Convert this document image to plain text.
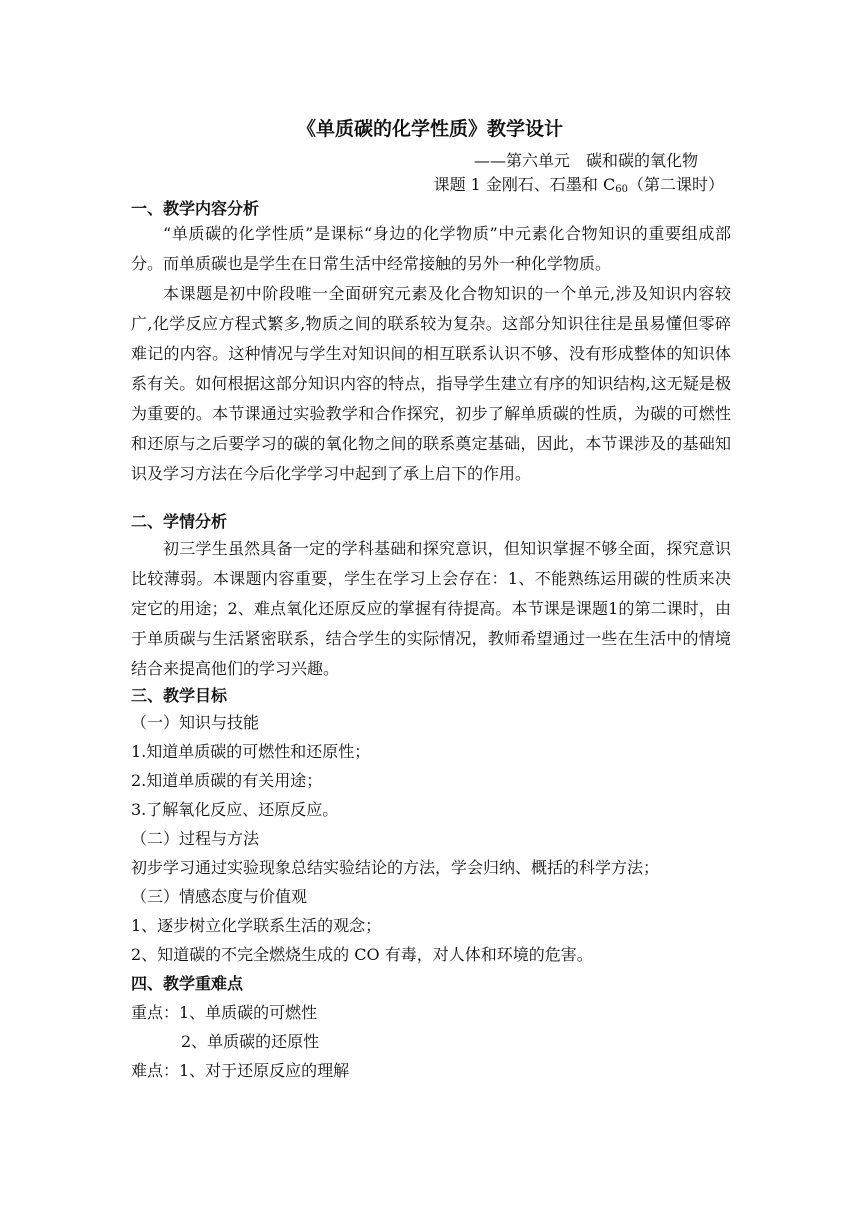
《单质碳的化学性质》教学设计
——第六单元　碳和碳的氧化物
课题 1 金刚石、石墨和 $C_{60}$（第二课时）
一、教学内容分析
“单质碳的化学性质”是课标“身边的化学物质”中元素化合物知识的重要组成部分。而单质碳也是学生在日常生活中经常接触的另外一种化学物质。
本课题是初中阶段唯一全面研究元素及化合物知识的一个单元,涉及知识内容较广,化学反应方程式繁多,物质之间的联系较为复杂。这部分知识往往是虽易懂但零碎难记的内容。这种情况与学生对知识间的相互联系认识不够、没有形成整体的知识体系有关。如何根据这部分知识内容的特点，指导学生建立有序的知识结构,这无疑是极为重要的。本节课通过实验教学和合作探究，初步了解单质碳的性质，为碳的可燃性和还原与之后要学习的碳的氧化物之间的联系奠定基础，因此，本节课涉及的基础知识及学习方法在今后化学学习中起到了承上启下的作用。
二、学情分析
初三学生虽然具备一定的学科基础和探究意识，但知识掌握不够全面，探究意识比较薄弱。本课题内容重要，学生在学习上会存在：1、不能熟练运用碳的性质来决定它的用途；2、难点氧化还原反应的掌握有待提高。本节课是课题1的第二课时，由于单质碳与生活紧密联系，结合学生的实际情况，教师希望通过一些在生活中的情境结合来提高他们的学习兴趣。
三、教学目标
（一）知识与技能
1.知道单质碳的可燃性和还原性；
2.知道单质碳的有关用途；
3.了解氧化反应、还原反应。
（二）过程与方法
初步学习通过实验现象总结实验结论的方法，学会归纳、概括的科学方法；
（三）情感态度与价值观
1、逐步树立化学联系生活的观念；
2、知道碳的不完全燃烧生成的 CO 有毒，对人体和环境的危害。
四、教学重难点
重点：1、单质碳的可燃性
2、单质碳的还原性
难点：1、对于还原反应的理解
